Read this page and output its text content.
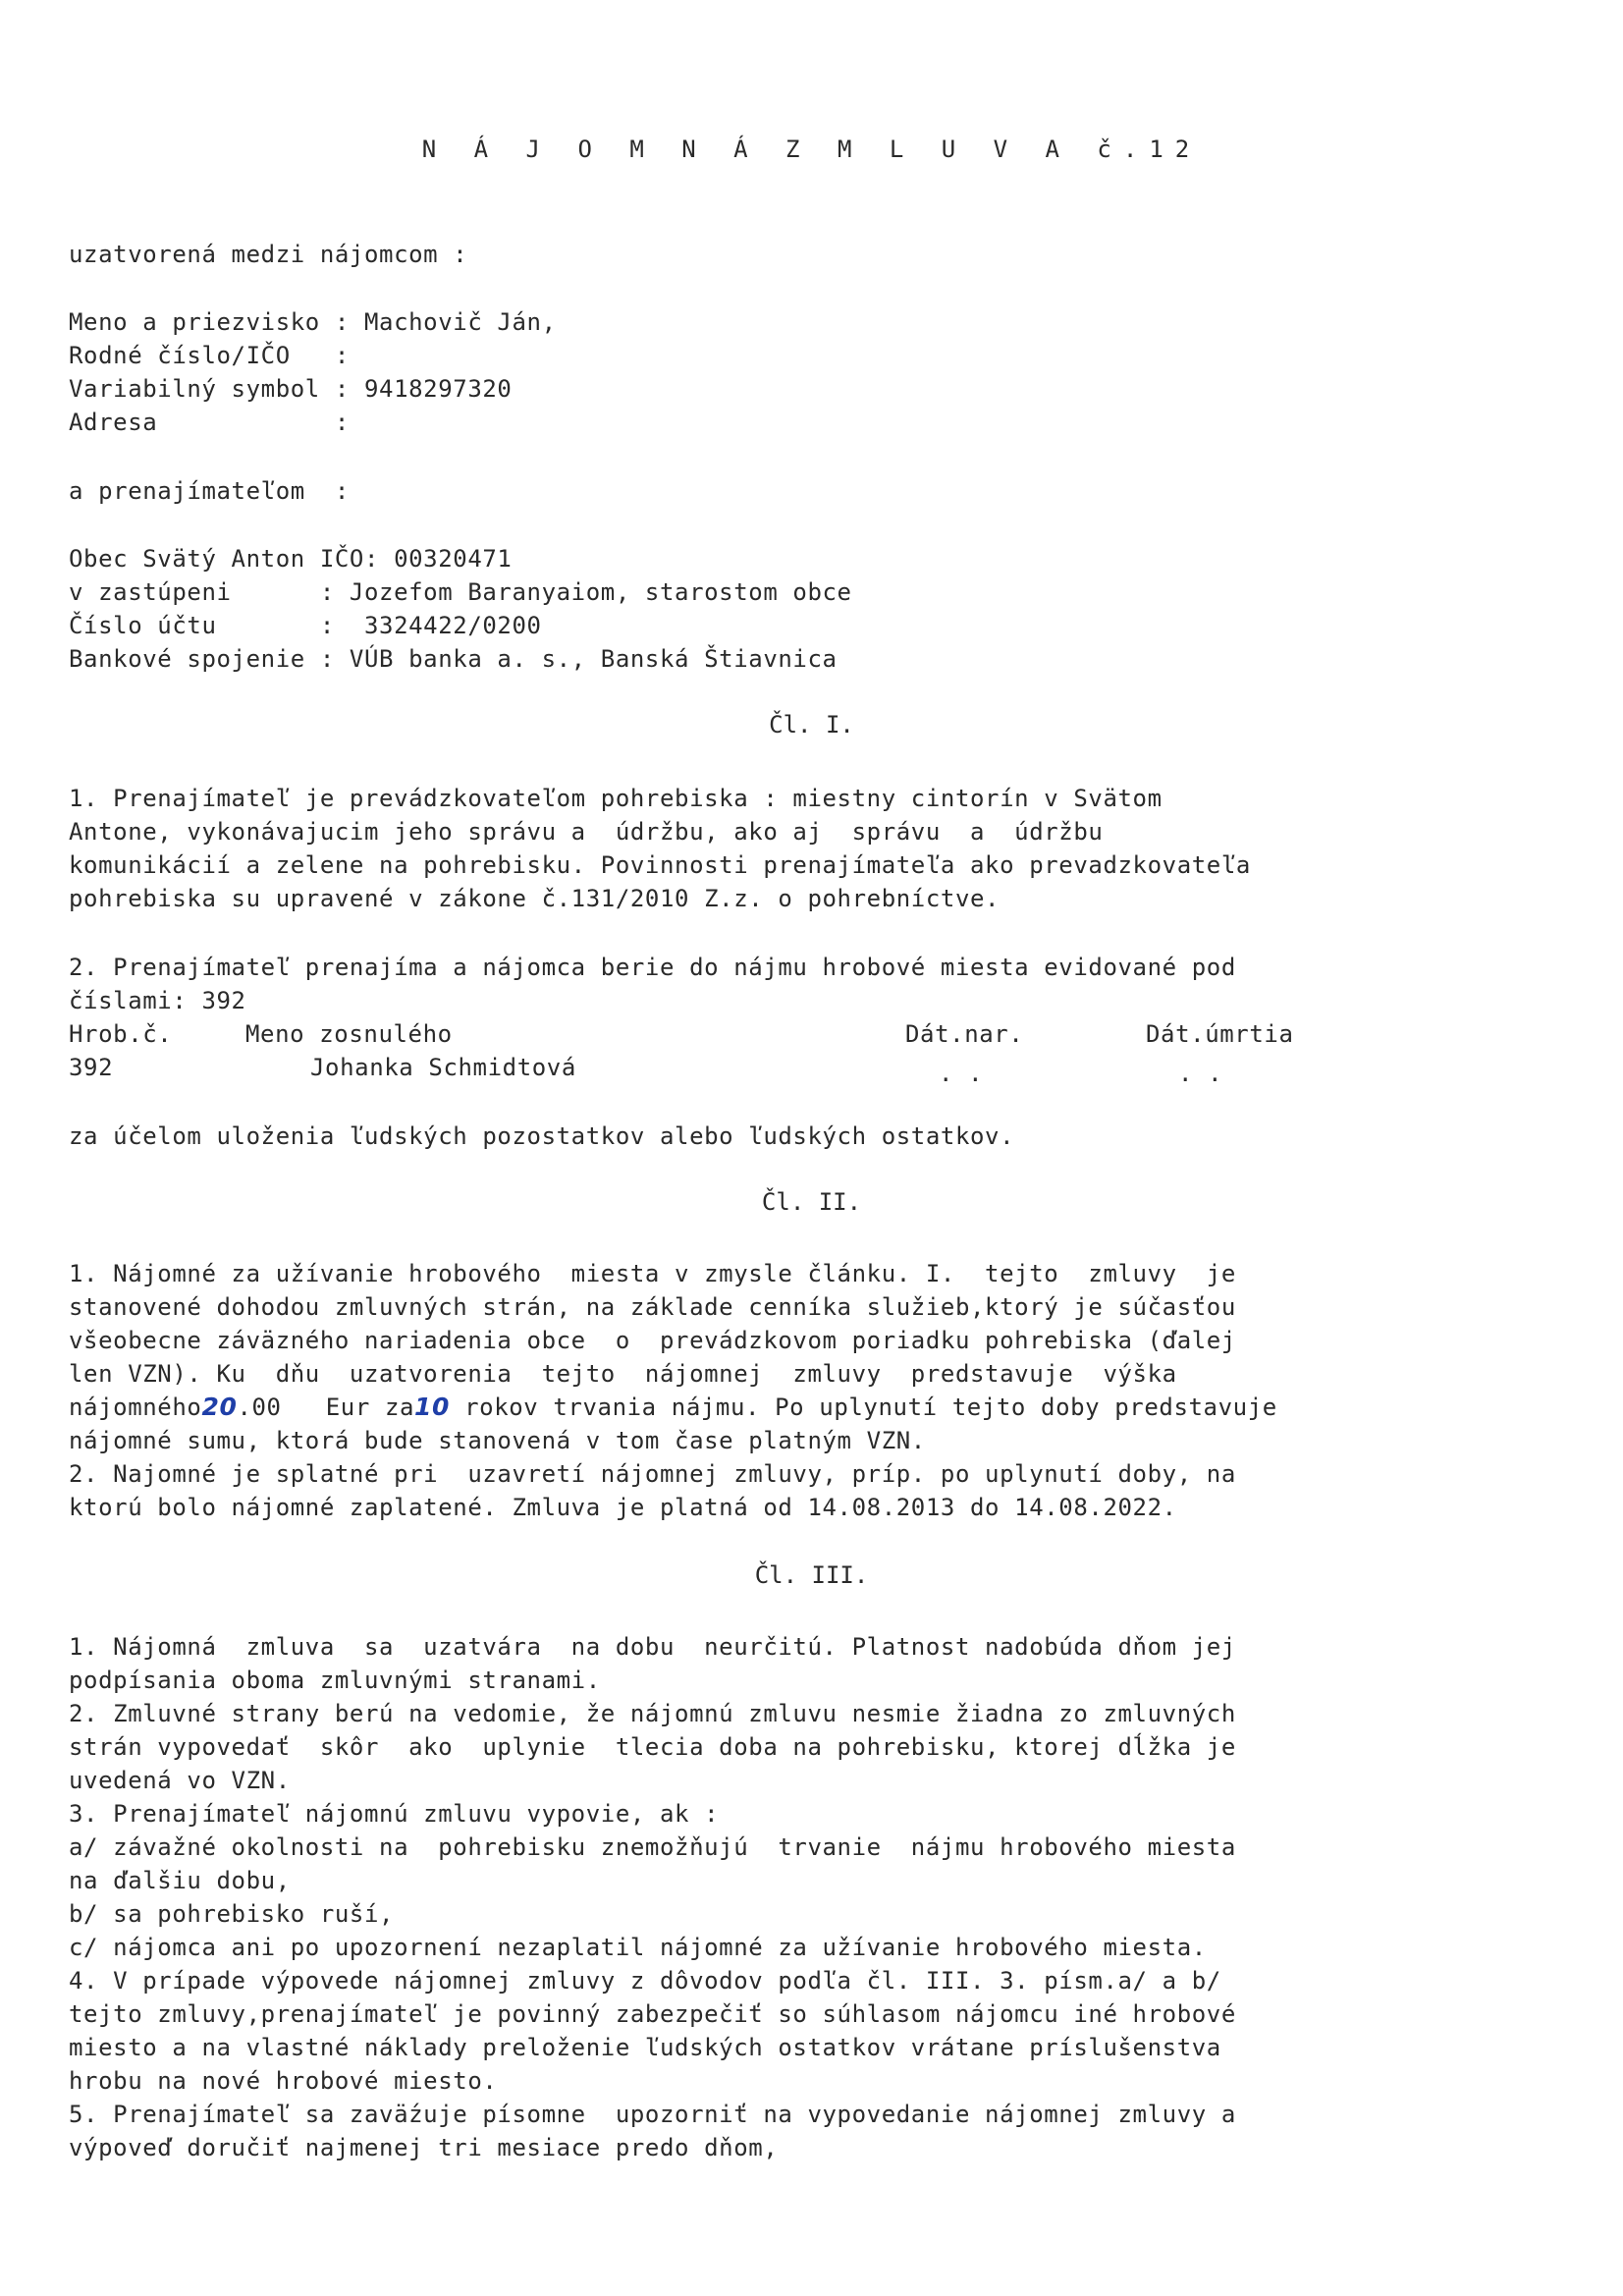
N Á J O M N Á Z M L U V A č.12
uzatvorená medzi nájomcom :
Meno a priezvisko : Machovič Ján,
Rodné číslo/IČO   :
Variabilný symbol : 9418297320
Adresa            :
a prenajímateľom  :
Obec Svätý Anton IČO: 00320471
v zastúpeni      : Jozefom Baranyaiom, starostom obce
Číslo účtu       :  3324422/0200
Bankové spojenie : VÚB banka a. s., Banská Štiavnica
Čl. I.
1. Prenajímateľ je prevádzkovateľom pohrebiska : miestny cintorín v Svätom
Antone, vykonávajucim jeho správu a  údržbu, ako aj  správu  a  údržbu
komunikácií a zelene na pohrebisku. Povinnosti prenajímateľa ako prevadzkovateľa
pohrebiska su upravené v zákone č.131/2010 Z.z. o pohrebníctve.
2. Prenajímateľ prenajíma a nájomca berie do nájmu hrobové miesta evidované pod
číslami: 392
Hrob.č.	Meno zosnulého	Dát.nar.	Dát.úmrtia
392	Johanka Schmidtová	. .	. .
za účelom uloženia ľudských pozostatkov alebo ľudských ostatkov.
Čl. II.
1. Nájomné za užívanie hrobového  miesta v zmysle článku. I.  tejto  zmluvy  je
stanovené dohodou zmluvných strán, na základe cenníka služieb,ktorý je súčasťou
všeobecne záväzného nariadenia obce  o  prevádzkovom poriadku pohrebiska (ďalej
len VZN). Ku  dňu  uzatvorenia  tejto  nájomnej  zmluvy  predstavuje  výška
nájomného20.00   Eur za10 rokov trvania nájmu. Po uplynutí tejto doby predstavuje
nájomné sumu, ktorá bude stanovená v tom čase platným VZN.
2. Najomné je splatné pri  uzavretí nájomnej zmluvy, príp. po uplynutí doby, na
ktorú bolo nájomné zaplatené. Zmluva je platná od 14.08.2013 do 14.08.2022.
Čl. III.
1. Nájomná  zmluva  sa  uzatvára  na dobu  neurčitú. Platnost nadobúda dňom jej
podpísania oboma zmluvnými stranami.
2. Zmluvné strany berú na vedomie, že nájomnú zmluvu nesmie žiadna zo zmluvných
strán vypovedať  skôr  ako  uplynie  tlecia doba na pohrebisku, ktorej dĺžka je
uvedená vo VZN.
3. Prenajímateľ nájomnú zmluvu vypovie, ak :
a/ závažné okolnosti na  pohrebisku znemožňujú  trvanie  nájmu hrobového miesta
na ďalšiu dobu,
b/ sa pohrebisko ruší,
c/ nájomca ani po upozornení nezaplatil nájomné za užívanie hrobového miesta.
4. V prípade výpovede nájomnej zmluvy z dôvodov podľa čl. III. 3. písm.a/ a b/
tejto zmluvy,prenajímateľ je povinný zabezpečiť so súhlasom nájomcu iné hrobové
miesto a na vlastné náklady preloženie ľudských ostatkov vrátane príslušenstva
hrobu na nové hrobové miesto.
5. Prenajímateľ sa zavä́zuje písomne  upozorniť na vypovedanie nájomnej zmluvy a
výpoveď doručiť najmenej tri mesiace predo dňom,
